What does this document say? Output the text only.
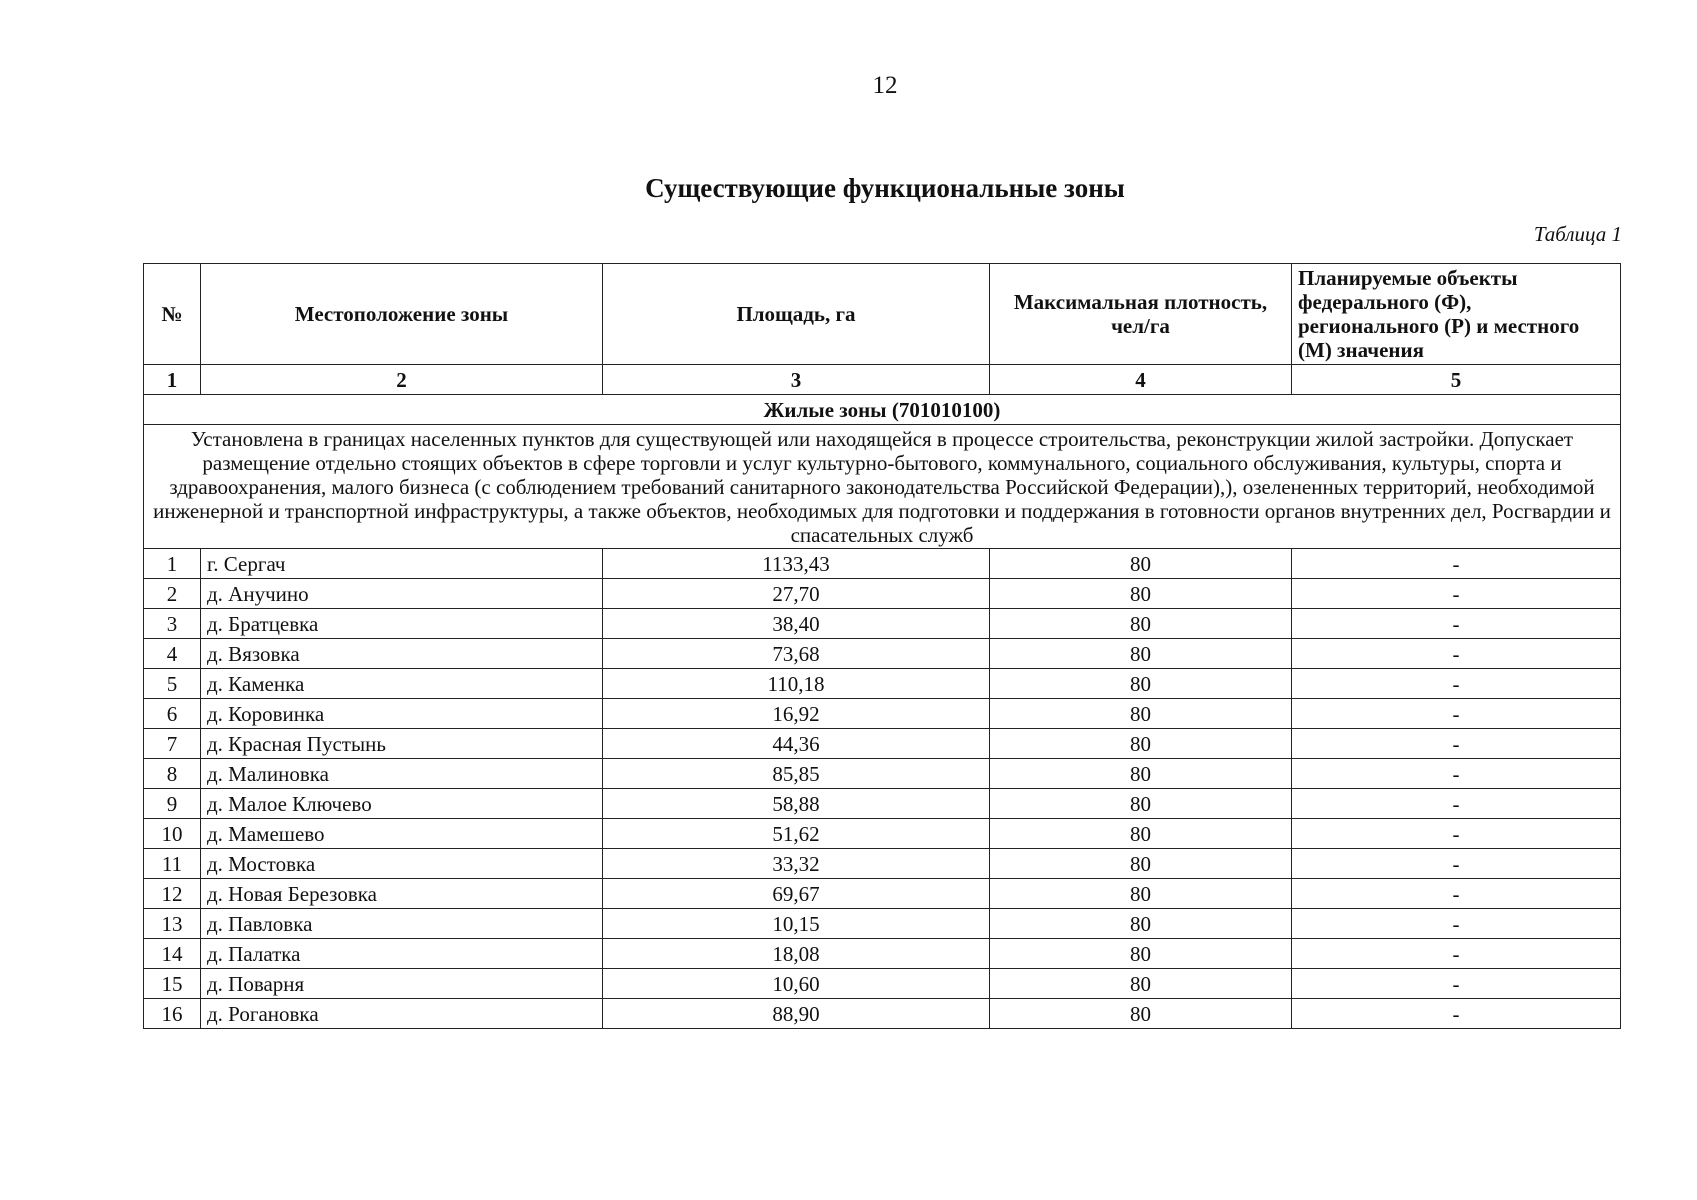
12
Существующие функциональные зоны
Таблица 1
№	Местоположение зоны	Площадь, га	Максимальная плотность, чел/га	Планируемые объекты федерального (Ф), регионального (Р) и местного (М) значения
1	2	3	4	5
Жилые зоны (701010100)				
Установлена в границах населенных пунктов для существующей или находящейся в процессе строительства, реконструкции жилой застройки. Допускает размещение отдельно стоящих объектов в сфере торговли и услуг культурно-бытового, коммунального, социального обслуживания, культуры, спорта и здравоохранения, малого бизнеса (с соблюдением требований санитарного законодательства Российской Федерации),), озелененных территорий, необходимой инженерной и транспортной инфраструктуры, а также объектов, необходимых для подготовки и поддержания в готовности органов внутренних дел, Росгвардии и спасательных служб				
1	г. Сергач	1133,43	80	-
2	д. Анучино	27,70	80	-
3	д. Братцевка	38,40	80	-
4	д. Вязовка	73,68	80	-
5	д. Каменка	110,18	80	-
6	д. Коровинка	16,92	80	-
7	д. Красная Пустынь	44,36	80	-
8	д. Малиновка	85,85	80	-
9	д. Малое Ключево	58,88	80	-
10	д. Мамешево	51,62	80	-
11	д. Мостовка	33,32	80	-
12	д. Новая Березовка	69,67	80	-
13	д. Павловка	10,15	80	-
14	д. Палатка	18,08	80	-
15	д. Поварня	10,60	80	-
16	д. Рогановка	88,90	80	-
